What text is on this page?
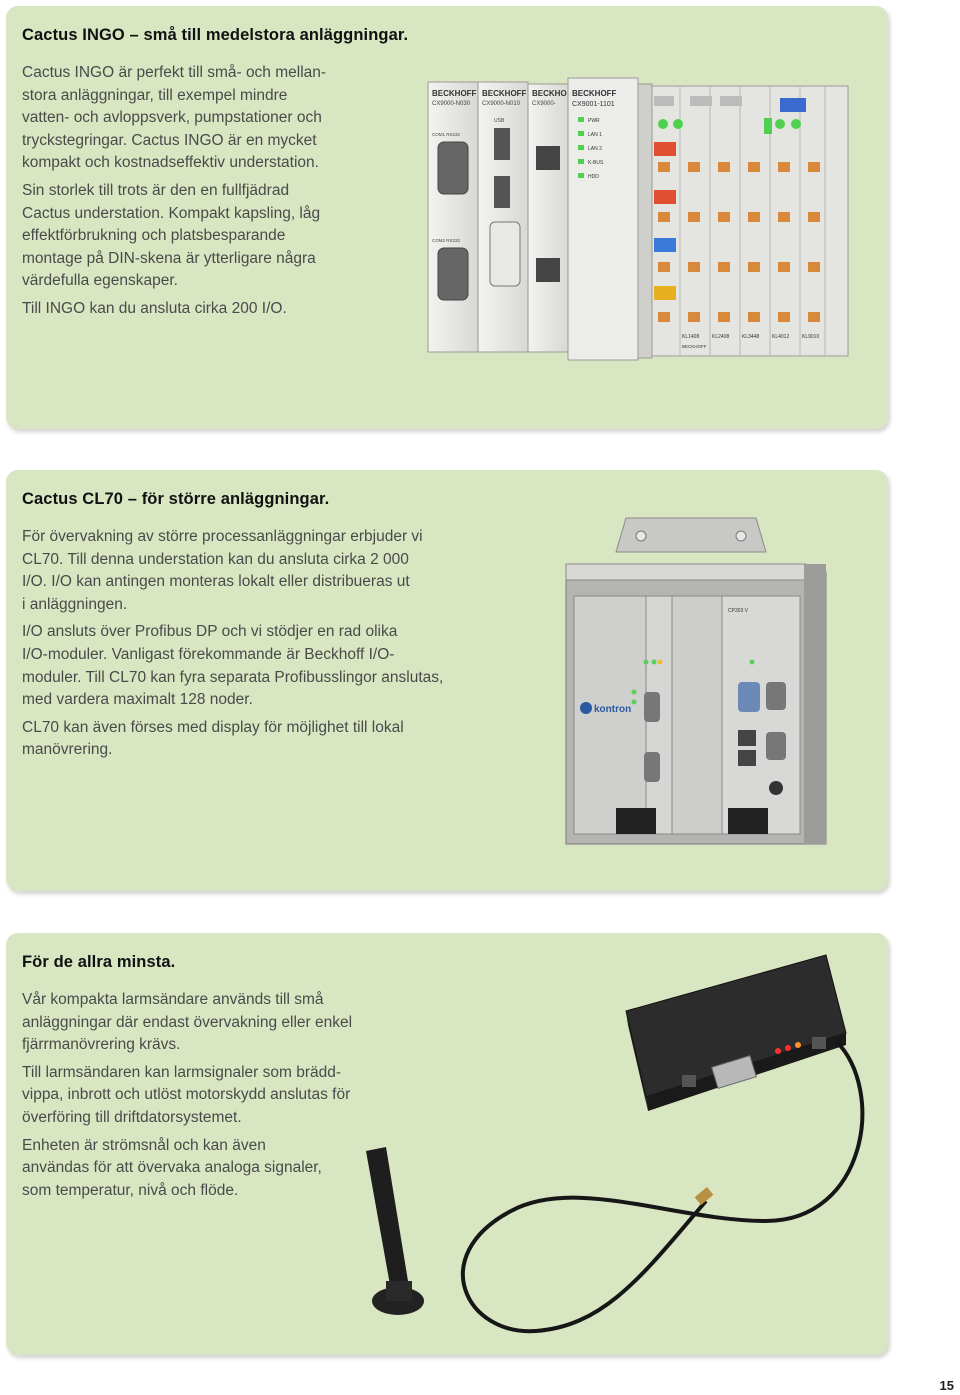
Cactus INGO – små till medelstora anläggningar.

Cactus INGO är perfekt till små- och mellan-
stora anläggningar, till exempel mindre
vatten- och avloppsverk, pumpstationer och
tryckstegringar. Cactus INGO är en mycket
kompakt och kostnadseffektiv understation.

Sin storlek till trots är den en fullfjädrad
Cactus understation. Kompakt kapsling, låg
effektförbrukning och platsbesparande
montage på DIN-skena är ytterligare några
värdefulla egenskaper.

Till INGO kan du ansluta cirka 200 I/O.

BECKHOFF
CX9000-N030
BECKHOFF
CX9000-N010
BECKHO
CX9000-
BECKHOFF
CX9001-1101
COM1 RS232
COM2 RS232
USB	PWR
LAN 1
LAN 2
K-BUS
HDD
KL1408	KL2408	KL3448	KL4012	KL9010
BECKHOFF
Cactus CL70 – för större anläggningar.

För övervakning av större processanläggningar erbjuder vi
CL70. Till denna understation kan du ansluta cirka 2 000
I/O. I/O kan antingen monteras lokalt eller distribueras ut
i anläggningen.

I/O ansluts över Profibus DP och vi stödjer en rad olika
I/O-moduler. Vanligast förekommande är Beckhoff I/O-
moduler. Till CL70 kan fyra separata Profibusslingor anslutas,
med vardera maximalt 128 noder.

CL70 kan även förses med display för möjlighet till lokal
manövrering.

kontron
CP303 V
För de allra minsta.

Vår kompakta larmsändare används till små
anläggningar där endast övervakning eller enkel
fjärrmanövrering krävs.

Till larmsändaren kan larmsignaler som brädd-
vippa, inbrott och utlöst motorskydd anslutas för
överföring till driftdatorsystemet.

Enheten är strömsnål och kan även
användas för att övervaka analoga signaler,
som temperatur, nivå och flöde.

15
